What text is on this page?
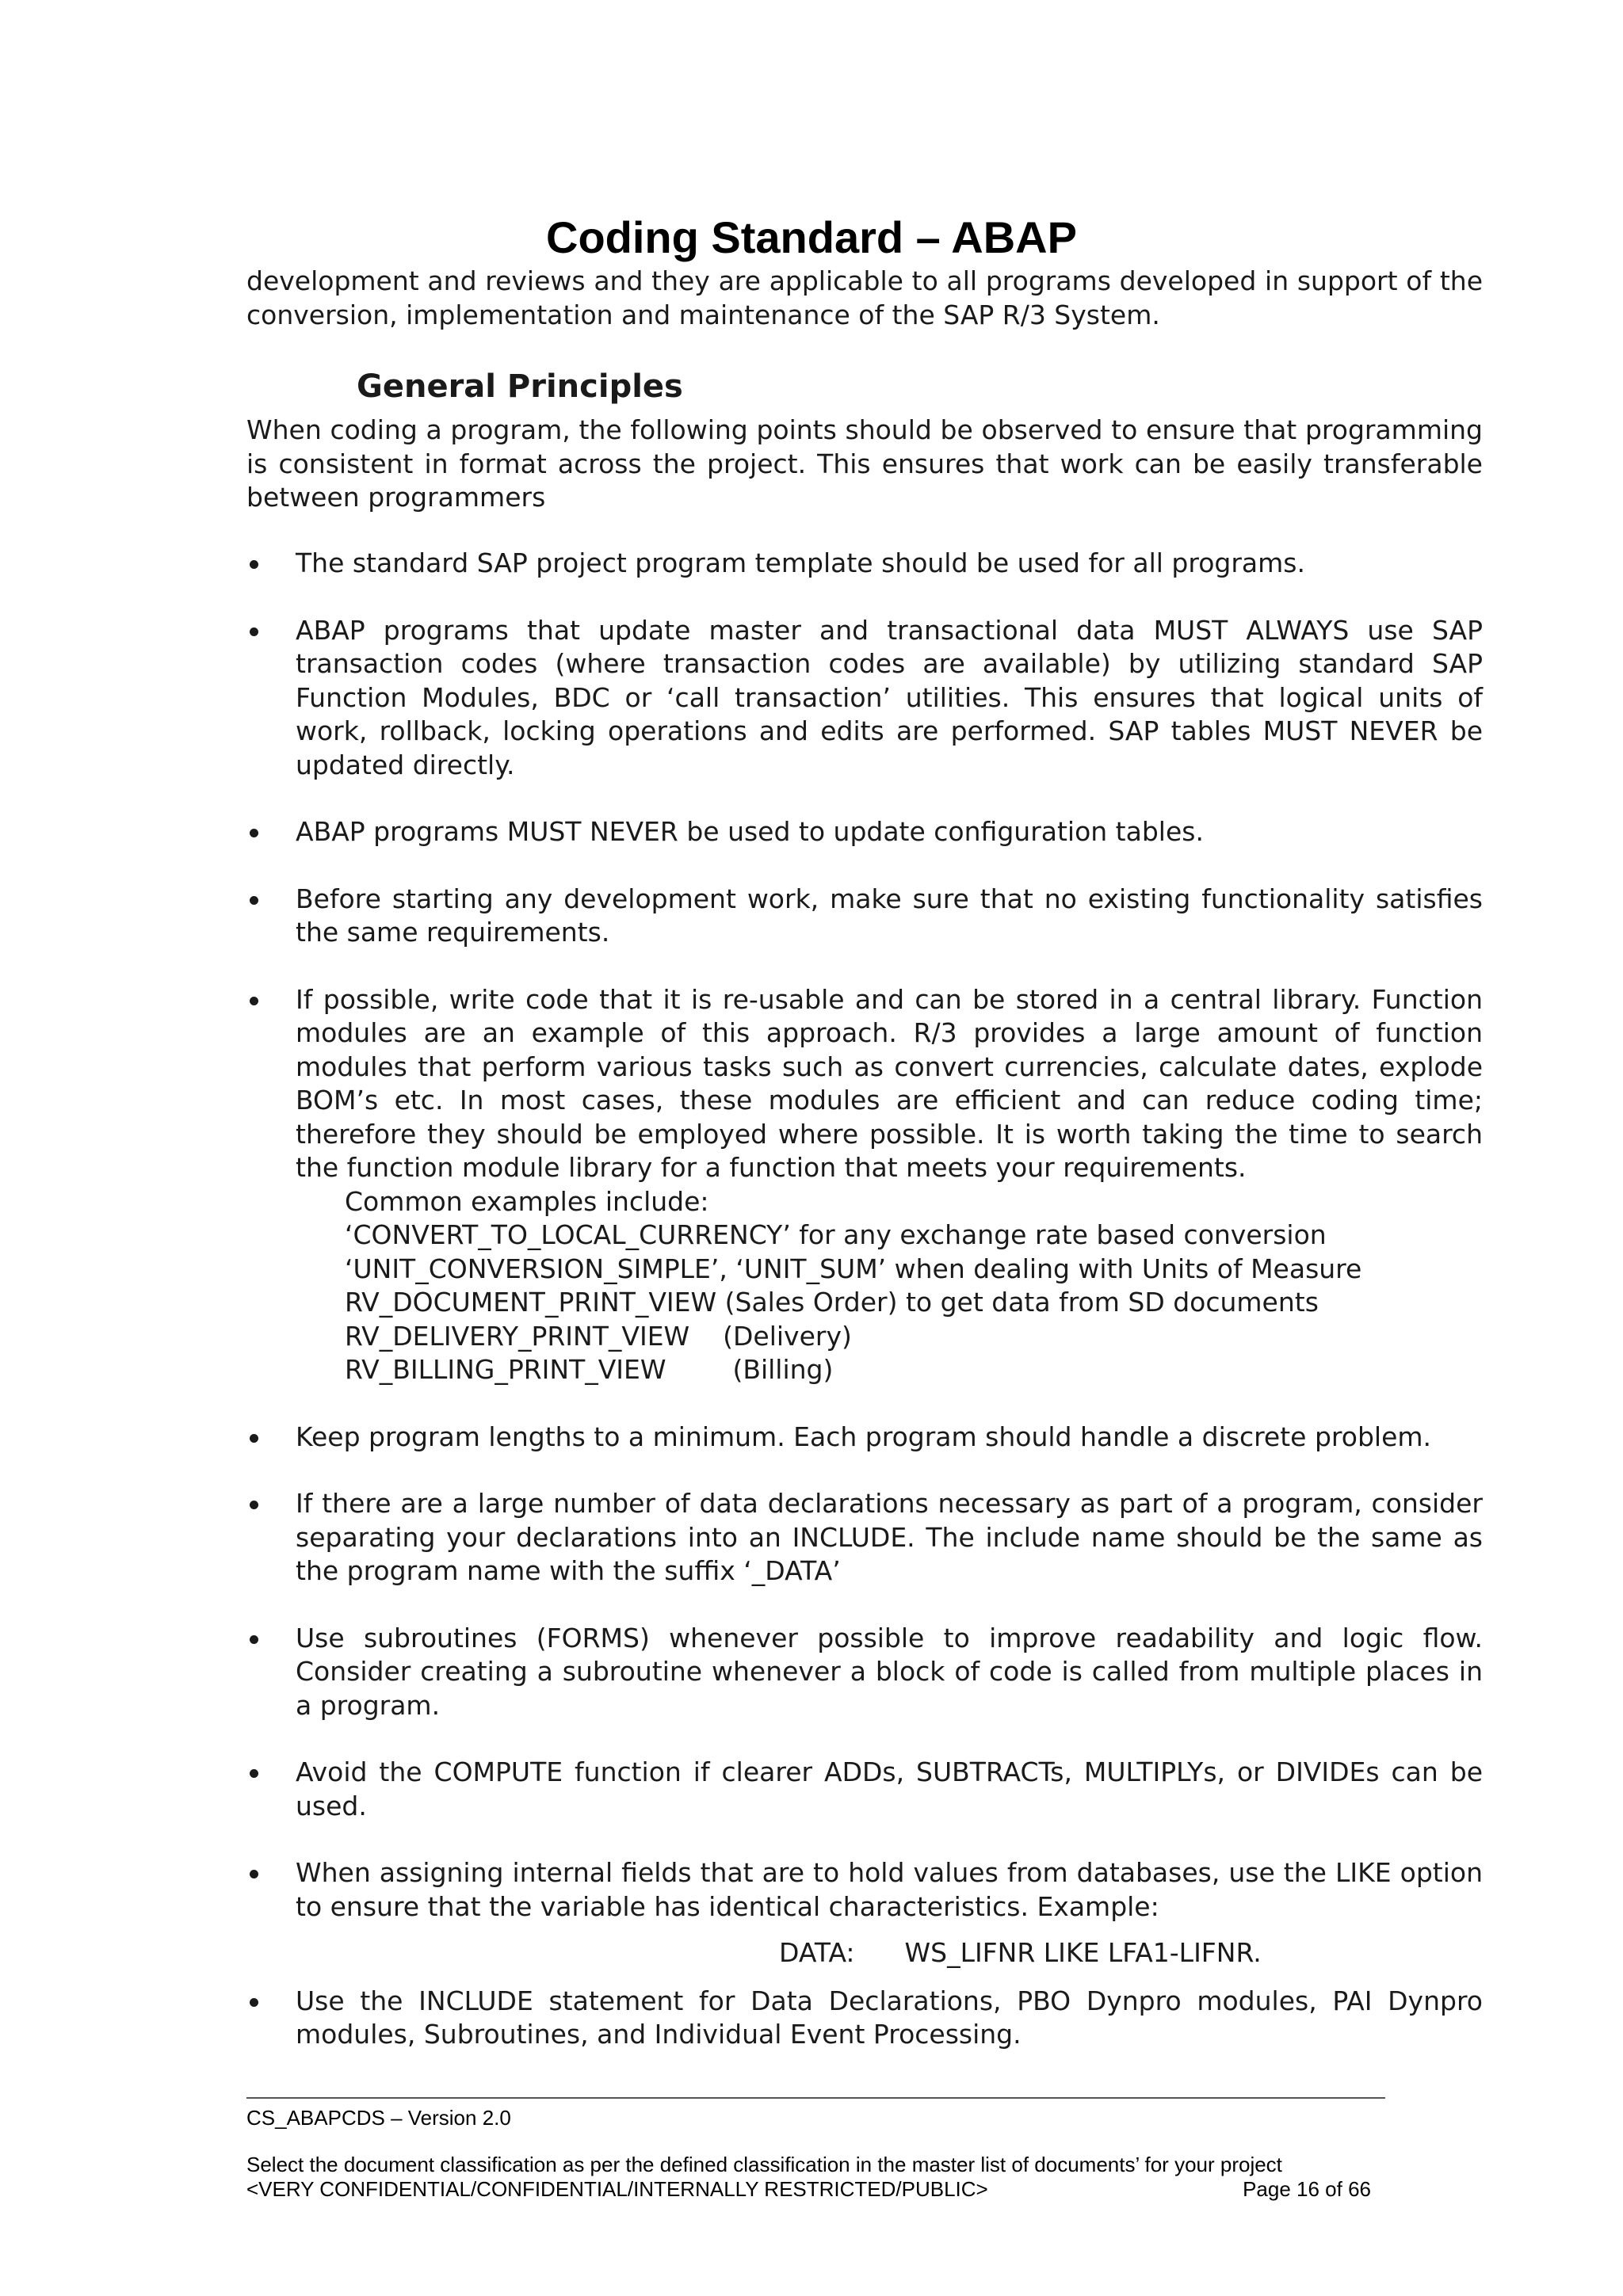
Coding Standard – ABAP

development and reviews and they are applicable to all programs developed in support of the conversion, implementation and maintenance of the SAP R/3 System.

General Principles

When coding a program, the following points should be observed to ensure that programming is consistent in format across the project. This ensures that work can be easily transferable between programmers

The standard SAP project program template should be used for all programs.
ABAP programs that update master and transactional data MUST ALWAYS use SAP transaction codes (where transaction codes are available) by utilizing standard SAP Function Modules, BDC or ‘call transaction’ utilities. This ensures that logical units of work, rollback, locking operations and edits are performed. SAP tables MUST NEVER be updated directly.
ABAP programs MUST NEVER be used to update configuration tables.
Before starting any development work, make sure that no existing functionality satisfies the same requirements.
If possible, write code that it is re-usable and can be stored in a central library. Function modules are an example of this approach. R/3 provides a large amount of function modules that perform various tasks such as convert currencies, calculate dates, explode BOM’s etc. In most cases, these modules are efficient and can reduce coding time; therefore they should be employed where possible. It is worth taking the time to search the function module library for a function that meets your requirements.
Common examples include:
‘CONVERT_TO_LOCAL_CURRENCY’ for any exchange rate based conversion
‘UNIT_CONVERSION_SIMPLE’, ‘UNIT_SUM’ when dealing with Units of Measure
RV_DOCUMENT_PRINT_VIEW (Sales Order) to get data from SD documents
RV_DELIVERY_PRINT_VIEW    (Delivery)
RV_BILLING_PRINT_VIEW        (Billing)
Keep program lengths to a minimum. Each program should handle a discrete problem.
If there are a large number of data declarations necessary as part of a program, consider separating your declarations into an INCLUDE. The include name should be the same as the program name with the suffix ‘_DATA’
Use subroutines (FORMS) whenever possible to improve readability and logic flow. Consider creating a subroutine whenever a block of code is called from multiple places in a program.
Avoid the COMPUTE function if clearer ADDs, SUBTRACTs, MULTIPLYs, or DIVIDEs can be used.
When assigning internal fields that are to hold values from databases, use the LIKE option to ensure that the variable has identical characteristics. Example:
DATA:      WS_LIFNR LIKE LFA1-LIFNR.
Use the INCLUDE statement for Data Declarations, PBO Dynpro modules, PAI Dynpro modules, Subroutines, and Individual Event Processing.
CS_ABAPCDS – Version 2.0
Select the document classification as per the defined classification in the master list of documents’ for your project
<VERY CONFIDENTIAL/CONFIDENTIAL/INTERNALLY RESTRICTED/PUBLIC>	Page 16 of 66
